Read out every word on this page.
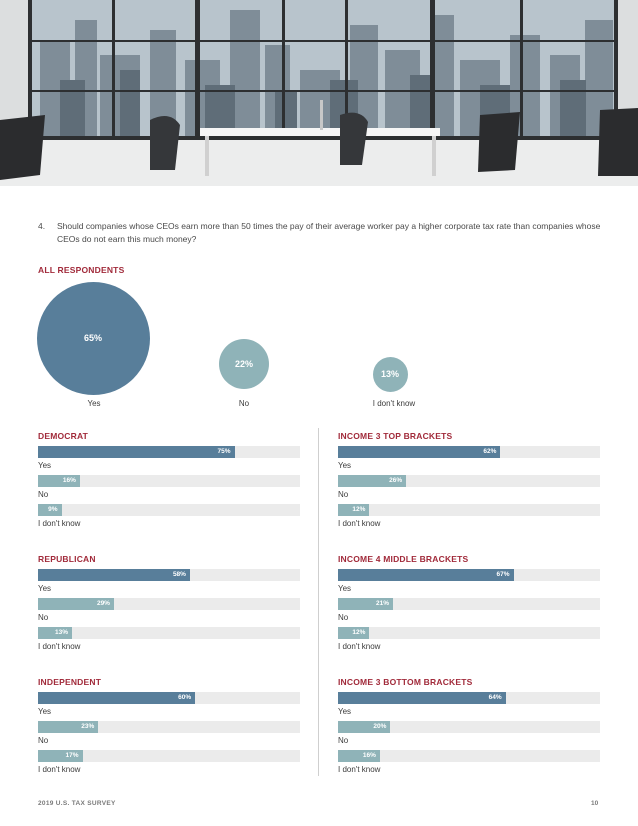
4. Should companies whose CEOs earn more than 50 times the pay of their average worker pay a higher corporate tax rate than companies whose CEOs do not earn this much money?
ALL RESPONDENTS
65%
Yes
22%
No
13%
I don't know
DEMOCRAT
75%
Yes
16%
No
9%
I don't know
INCOME 3 TOP BRACKETS
62%
Yes
26%
No
12%
I don't know
REPUBLICAN
58%
Yes
29%
No
13%
I don't know
INCOME 4 MIDDLE BRACKETS
67%
Yes
21%
No
12%
I don't know
INDEPENDENT
60%
Yes
23%
No
17%
I don't know
INCOME 3 BOTTOM BRACKETS
64%
Yes
20%
No
16%
I don't know
2019 U.S. TAX SURVEY	10
